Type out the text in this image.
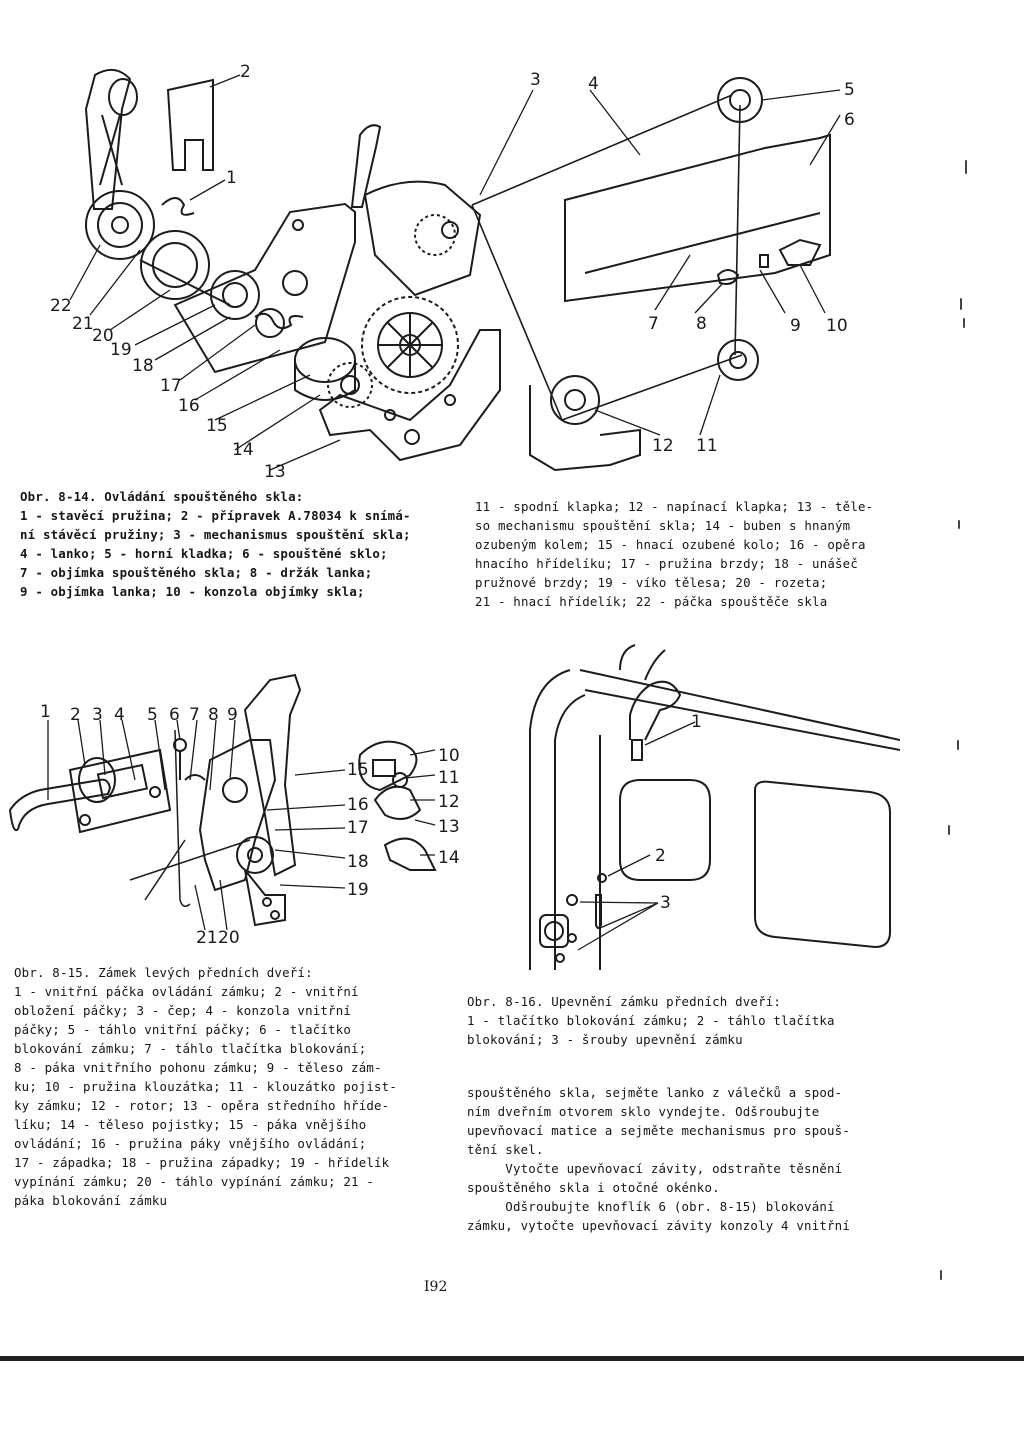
1
2	3	4	5
6
7 8	9 10
11
12
13
14
15
16
17
18
19
20
21
22
Obr. 8-14. Ovládání spouštěného skla:
1 - stavěcí pružina; 2 - přípravek A.78034 k snímá-
ní stávěcí pružiny; 3 - mechanismus spouštění skla;
4 - lanko; 5 - horní kladka; 6 - spouštěné sklo;
7 - objímka spouštěného skla; 8 - držák lanka;
9 - objímka lanka; 10 - konzola objímky skla;
11 - spodní klapka; 12 - napínací klapka; 13 - těle-
so mechanismu spouštění skla; 14 - buben s hnaným
ozubeným kolem; 15 - hnací ozubené kolo; 16 - opěra
hnacího hřídelíku; 17 - pružina brzdy; 18 - unášeč
pružnové brzdy; 19 - víko tělesa; 20 - rozeta;
21 - hnací hřídelík; 22 - páčka spouštěče skla
1 2 3 4 5 6 7 8 9
10
11
12
13
14
15
16
17
18
19
21 20
1
2
3
Obr. 8-15. Zámek levých předních dveří:
1 - vnitřní páčka ovládání zámku; 2 - vnitřní
obložení páčky; 3 - čep; 4 - konzola vnitřní
páčky; 5 - táhlo vnitřní páčky; 6 - tlačítko
blokování zámku; 7 - táhlo tlačítka blokování;
8 - páka vnitřního pohonu zámku; 9 - těleso zám-
ku; 10 - pružina klouzátka; 11 - klouzátko pojist-
ky zámku; 12 - rotor; 13 - opěra středního hříde-
líku; 14 - těleso pojistky; 15 - páka vnějšího
ovládání; 16 - pružina páky vnějšího ovládání;
17 - západka; 18 - pružina západky; 19 - hřídelík
vypínání zámku; 20 - táhlo vypínání zámku; 21 -
páka blokování zámku
Obr. 8-16. Upevnění zámku předních dveří:
1 - tlačítko blokování zámku; 2 - táhlo tlačítka
blokování; 3 - šrouby upevnění zámku
spouštěného skla, sejměte lanko z válečků a spod-
ním dveřním otvorem sklo vyndejte. Odšroubujte
upevňovací matice a sejměte mechanismus pro spouš-
tění skel.
Vytočte upevňovací závity, odstraňte těsnění
spouštěného skla i otočné okénko.
Odšroubujte knoflík 6 (obr. 8-15) blokování
zámku, vytočte upevňovací závity konzoly 4 vnitřní
I92
